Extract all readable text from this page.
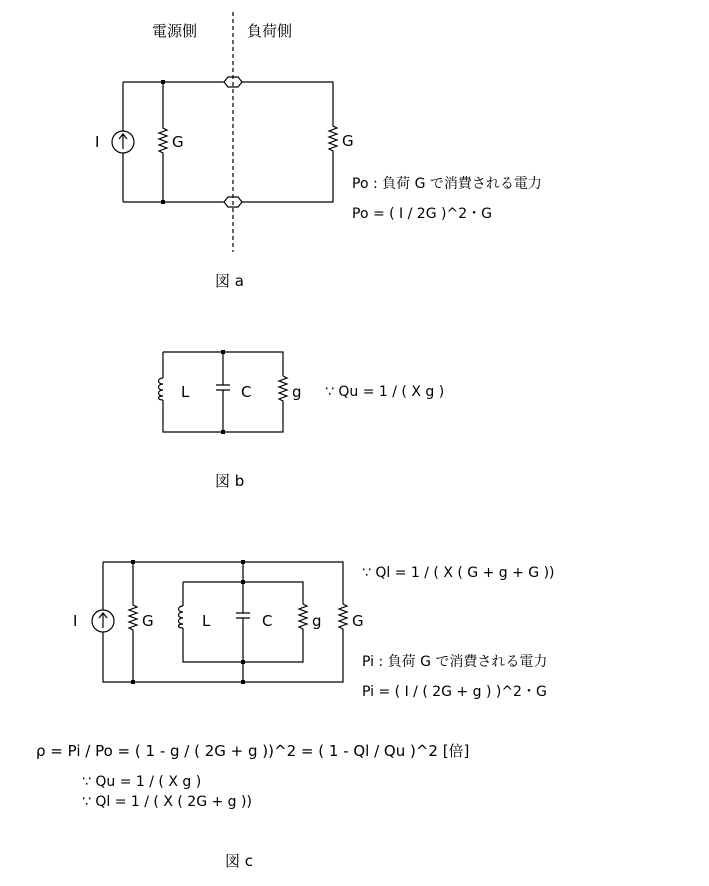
電源側	負荷側
I	G	G
Po : 負荷 G で消費される電力
Po = ( I / 2G )^2・G
図 a
L	C	g ∵ Qu = 1 / ( X g )
図 b
I	G	L	C	g G
∵ Ql = 1 / ( X ( G + g + G ))
Pi : 負荷 G で消費される電力
Pi = ( I / ( 2G + g ) )^2・G
ρ = Pi / Po = ( 1 - g / ( 2G + g ))^2 = ( 1 - Ql / Qu )^2 [倍]
∵ Qu = 1 / ( X g )
∵ Ql = 1 / ( X ( 2G + g ))
図 c
